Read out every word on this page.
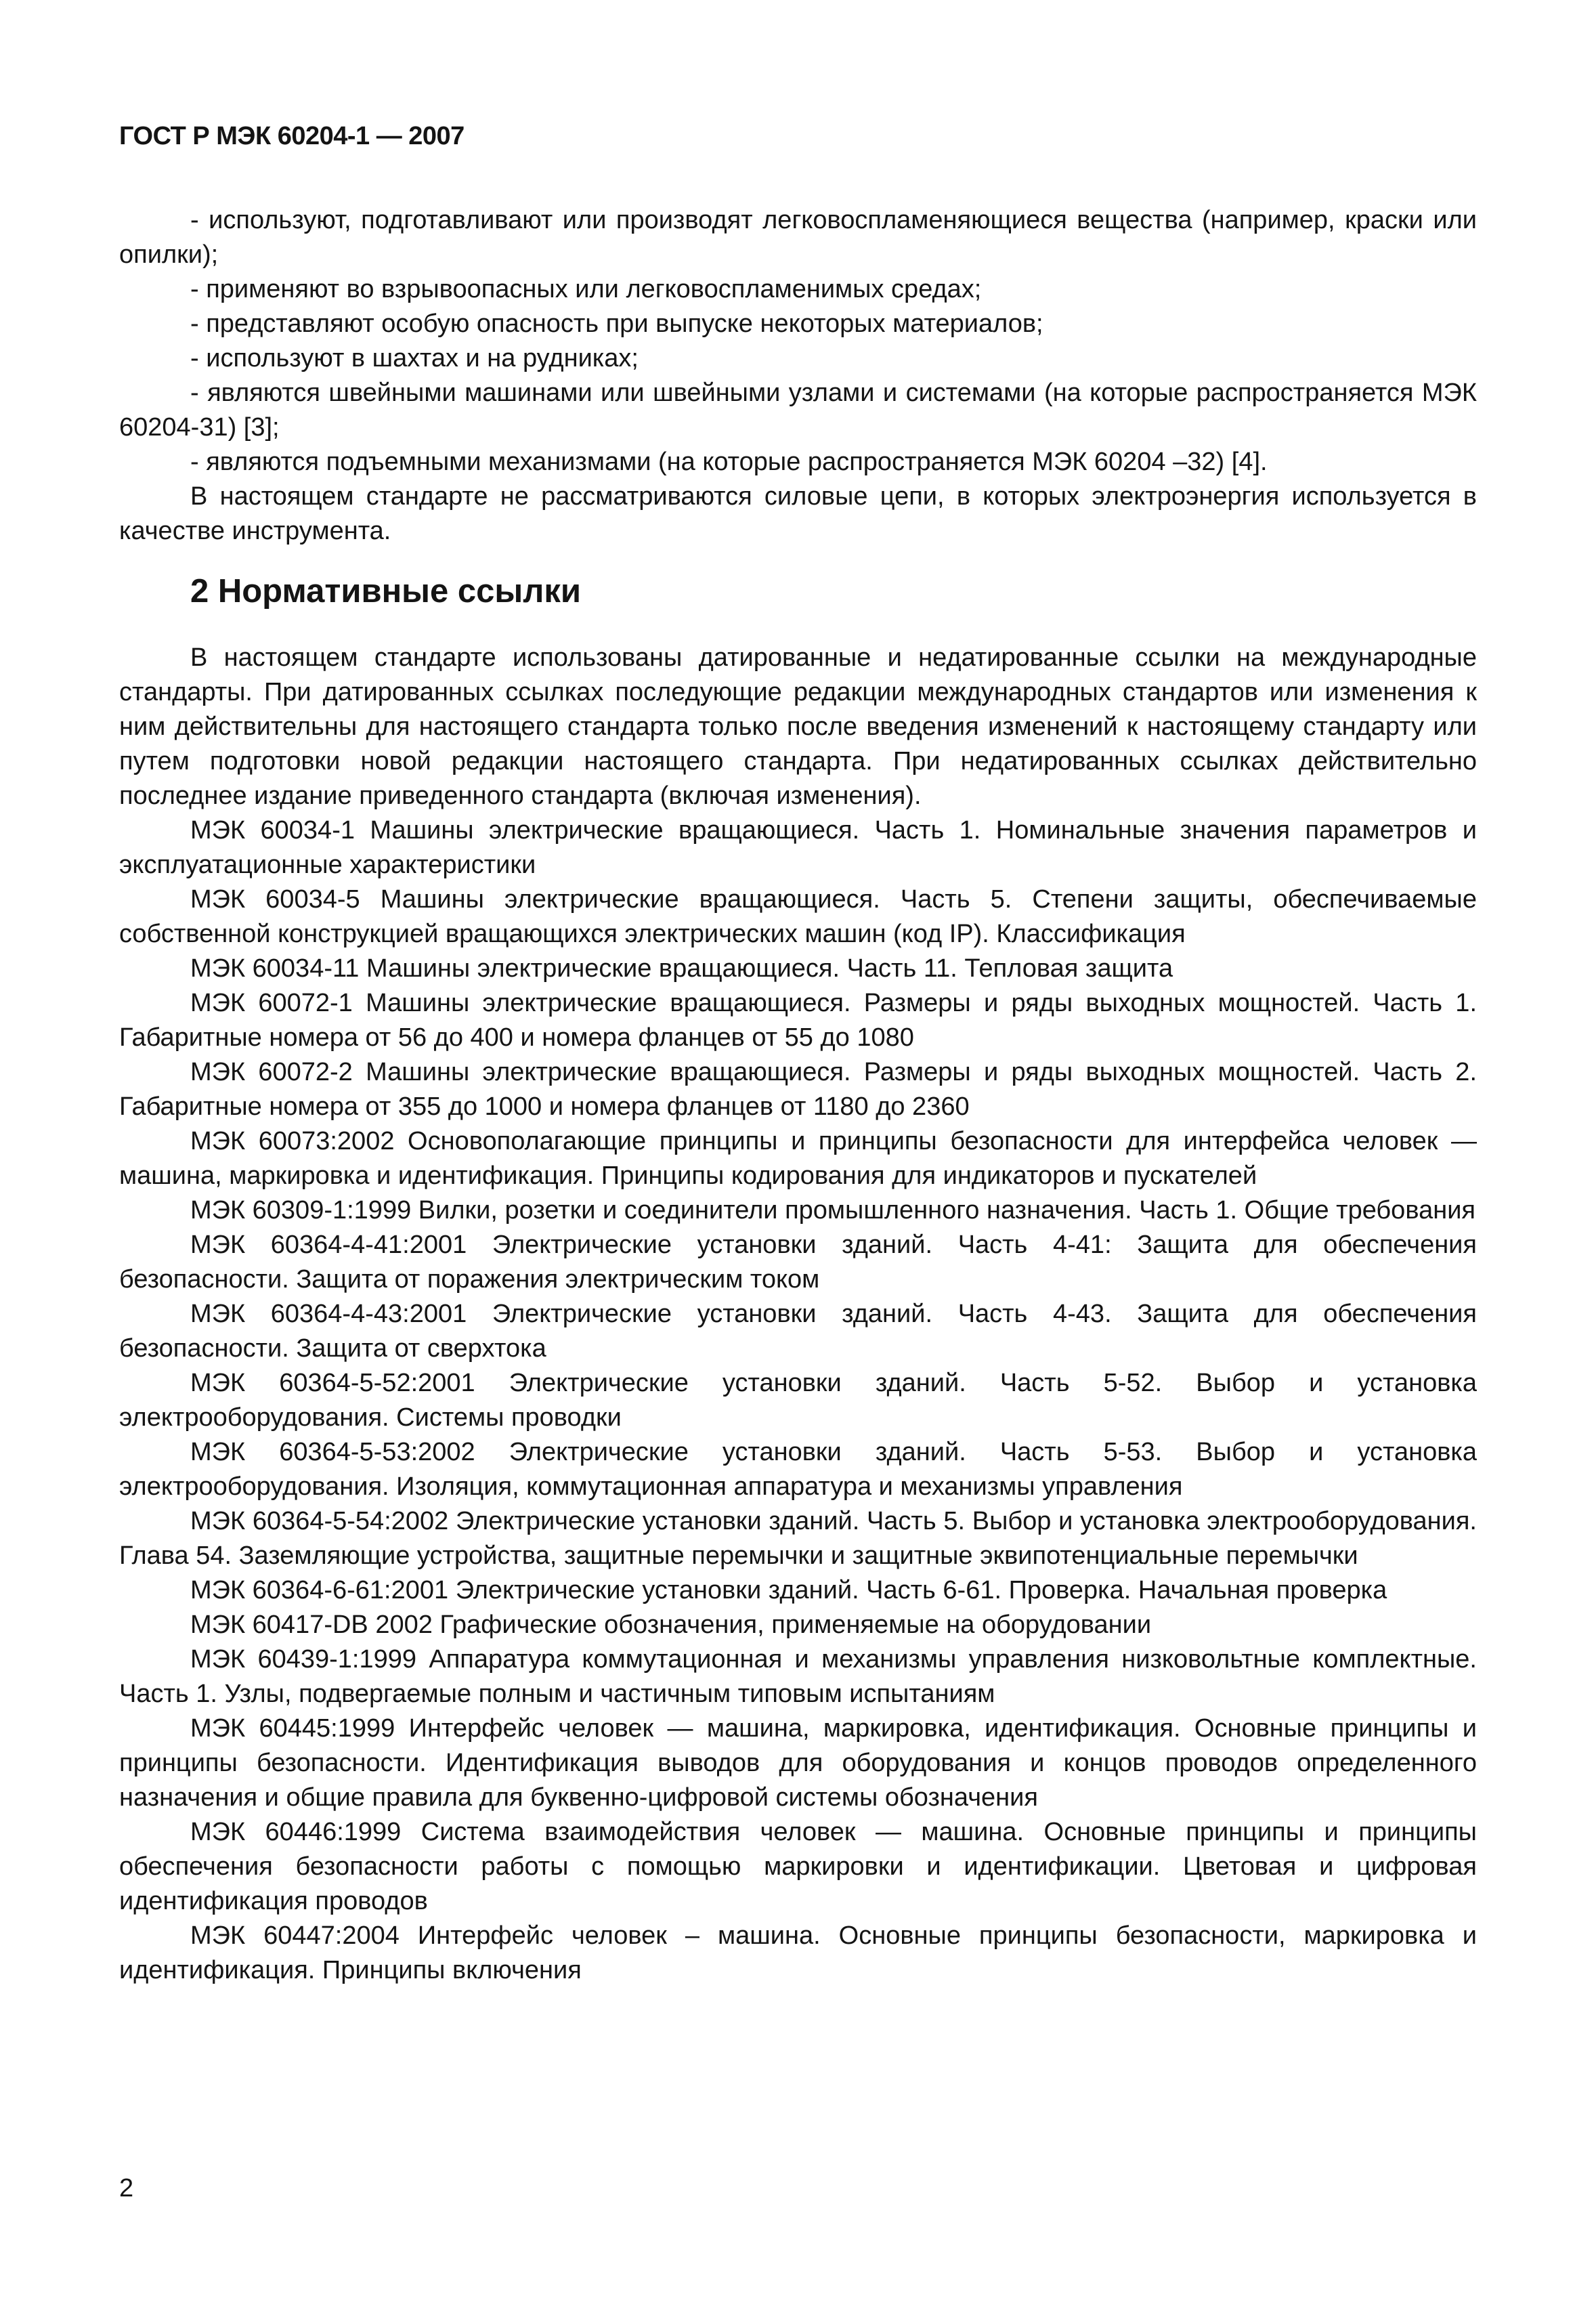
ГОСТ Р МЭК 60204-1 — 2007

- используют, подготавливают или производят легковоспламеняющиеся вещества (например, краски или опилки);

- применяют во взрывоопасных или легковоспламенимых средах;

- представляют особую опасность при выпуске некоторых материалов;

- используют в шахтах и на рудниках;

- являются швейными машинами или швейными узлами и системами (на которые распространяется МЭК 60204-31) [3];

- являются подъемными механизмами (на которые распространяется МЭК 60204 –32) [4].

В настоящем стандарте не рассматриваются силовые цепи, в которых электроэнергия используется в качестве инструмента.

2 Нормативные ссылки

В настоящем стандарте использованы датированные и недатированные ссылки на международные стандарты. При датированных ссылках последующие редакции международных стандартов или изменения к ним действительны для настоящего стандарта только после введения изменений к настоящему стандарту или путем подготовки новой редакции настоящего стандарта. При недатированных ссылках действительно последнее издание приведенного стандарта (включая изменения).

МЭК 60034-1 Машины электрические вращающиеся. Часть 1. Номинальные значения параметров и эксплуатационные характеристики

МЭК 60034-5 Машины электрические вращающиеся. Часть 5. Степени защиты, обеспечиваемые собственной конструкцией вращающихся электрических машин (код IP). Классификация

МЭК 60034-11 Машины электрические вращающиеся. Часть 11. Тепловая защита

МЭК 60072-1 Машины электрические вращающиеся. Размеры и ряды выходных мощностей. Часть 1. Габаритные номера от 56 до 400 и номера фланцев от 55 до 1080

МЭК 60072-2 Машины электрические вращающиеся. Размеры и ряды выходных мощностей. Часть 2. Габаритные номера от 355 до 1000 и номера фланцев от 1180 до 2360

МЭК 60073:2002 Основополагающие принципы и принципы безопасности для интерфейса человек — машина, маркировка и идентификация. Принципы кодирования для индикаторов и пускателей

МЭК 60309-1:1999 Вилки, розетки и соединители промышленного назначения. Часть 1. Общие требования

МЭК 60364-4-41:2001 Электрические установки зданий. Часть 4-41: Защита для обеспечения безопасности. Защита от поражения электрическим током

МЭК 60364-4-43:2001 Электрические установки зданий. Часть 4-43. Защита для обеспечения безопасности. Защита от сверхтока

МЭК 60364-5-52:2001 Электрические установки зданий. Часть 5-52. Выбор и установка электрооборудования. Системы проводки

МЭК 60364-5-53:2002 Электрические установки зданий. Часть 5-53. Выбор и установка электрооборудования. Изоляция, коммутационная аппаратура и механизмы управления

МЭК 60364-5-54:2002 Электрические установки зданий. Часть 5. Выбор и установка электрооборудования. Глава 54. Заземляющие устройства, защитные перемычки и защитные эквипотенциальные перемычки

МЭК 60364-6-61:2001 Электрические установки зданий. Часть 6-61. Проверка. Начальная проверка

МЭК 60417-DB 2002 Графические обозначения, применяемые на оборудовании

МЭК 60439-1:1999 Аппаратура коммутационная и механизмы управления низковольтные комплектные. Часть 1. Узлы, подвергаемые полным и частичным типовым испытаниям

МЭК 60445:1999 Интерфейс человек — машина, маркировка, идентификация. Основные принципы и принципы безопасности. Идентификация выводов для оборудования и концов проводов определенного назначения и общие правила для буквенно-цифровой системы обозначения

МЭК 60446:1999 Система взаимодействия человек — машина. Основные принципы и принципы обеспечения безопасности работы с помощью маркировки и идентификации. Цветовая и цифровая идентификация проводов

МЭК 60447:2004 Интерфейс человек – машина. Основные принципы безопасности, маркировка и идентификация. Принципы включения

2
